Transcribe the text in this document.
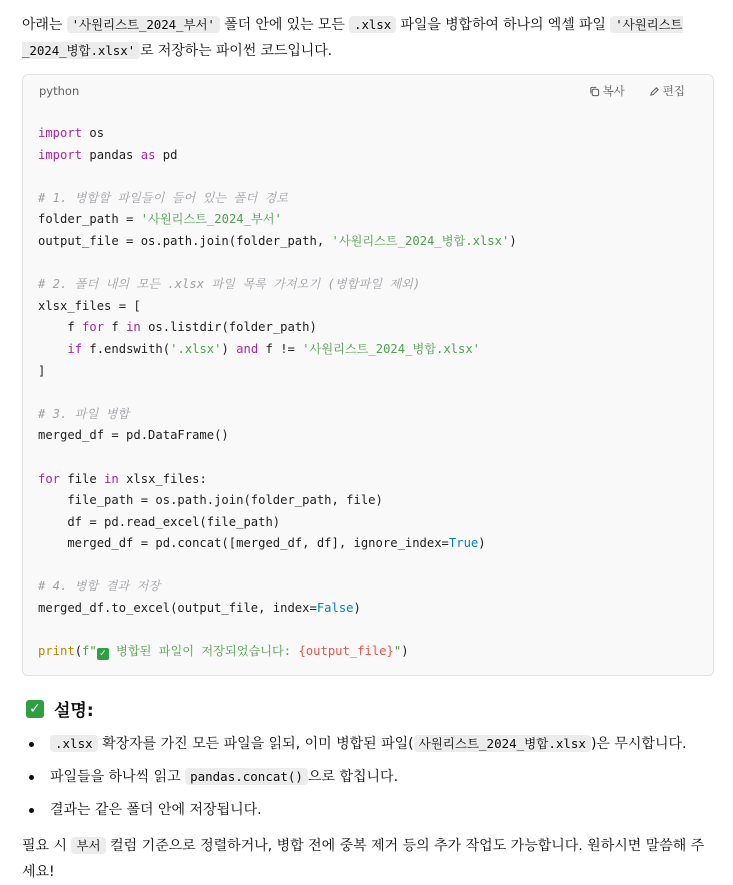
아래는 '사원리스트_2024_부서' 폴더 안에 있는 모든 .xlsx 파일을 병합하여 하나의 엑셀 파일 '사원리스트_2024_병합.xlsx' 로 저장하는 파이썬 코드입니다.
python	복사	편집
import os
import pandas as pd

# 1. 병합할 파일들이 들어 있는 폴더 경로
folder_path = '사원리스트_2024_부서'
output_file = os.path.join(folder_path, '사원리스트_2024_병합.xlsx')

# 2. 폴더 내의 모든 .xlsx 파일 목록 가져오기 (병합파일 제외)
xlsx_files = [
f for f in os.listdir(folder_path)
if f.endswith('.xlsx') and f != '사원리스트_2024_병합.xlsx'
]

# 3. 파일 병합
merged_df = pd.DataFrame()

for file in xlsx_files:
file_path = os.path.join(folder_path, file)
df = pd.read_excel(file_path)
merged_df = pd.concat([merged_df, df], ignore_index=True)

# 4. 병합 결과 저장
merged_df.to_excel(output_file, index=False)

print(f" ✓ 병합된 파일이 저장되었습니다: {output_file}")
✓ 설명:
.xlsx 확장자를 가진 모든 파일을 읽되, 이미 병합된 파일( 사원리스트_2024_병합.xlsx )은 무시합니다.
파일들을 하나씩 읽고 pandas.concat() 으로 합칩니다.
결과는 같은 폴더 안에 저장됩니다.
필요 시 부서 컬럼 기준으로 정렬하거나, 병합 전에 중복 제거 등의 추가 작업도 가능합니다. 원하시면 말씀해 주세요!
